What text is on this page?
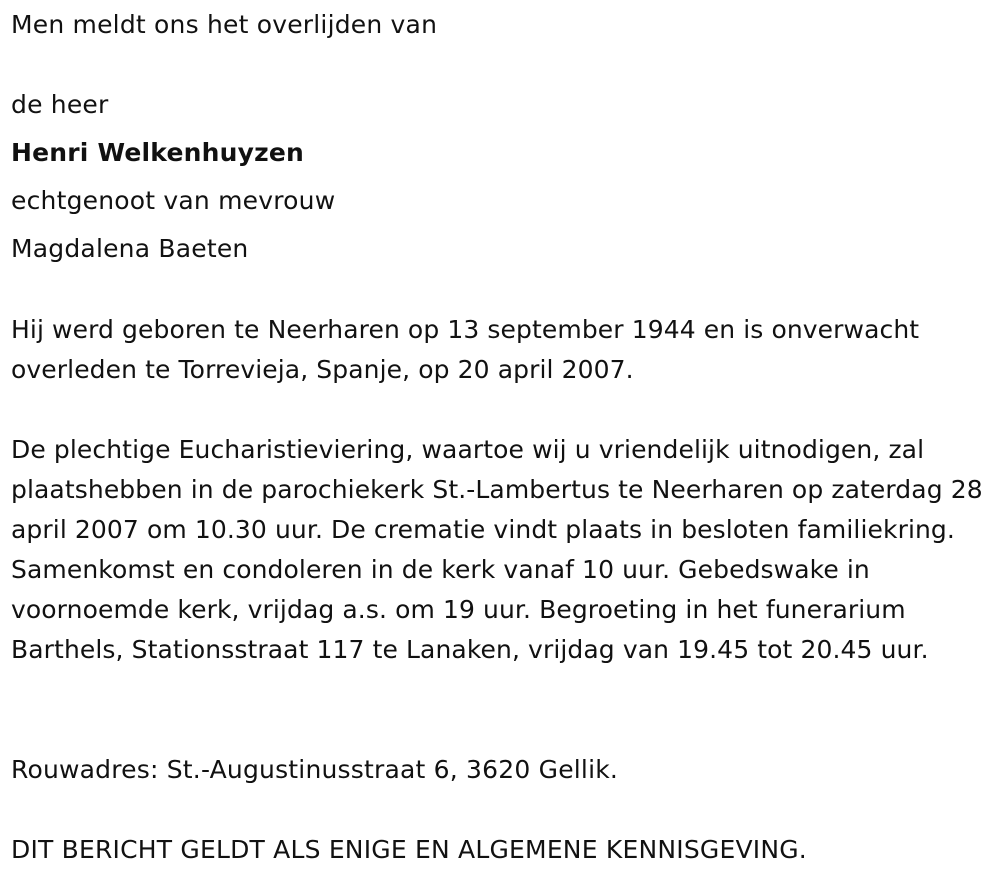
Men meldt ons het overlijden van
de heer
Henri Welkenhuyzen
echtgenoot van mevrouw
Magdalena Baeten
Hij werd geboren te Neerharen op 13 september 1944 en is onverwacht overleden te Torrevieja, Spanje, op 20 april 2007.
De plechtige Eucharistieviering, waartoe wij u vriendelijk uitnodigen, zal plaatshebben in de parochiekerk St.-Lambertus te Neerharen op zaterdag 28 april 2007 om 10.30 uur. De crematie vindt plaats in besloten familiekring. Samenkomst en condoleren in de kerk vanaf 10 uur. Gebedswake in voornoemde kerk, vrijdag a.s. om 19 uur. Begroeting in het funerarium Barthels, Stationsstraat 117 te Lanaken, vrijdag van 19.45 tot 20.45 uur.
Rouwadres: St.-Augustinusstraat 6, 3620 Gellik.
DIT BERICHT GELDT ALS ENIGE EN ALGEMENE KENNISGEVING.
